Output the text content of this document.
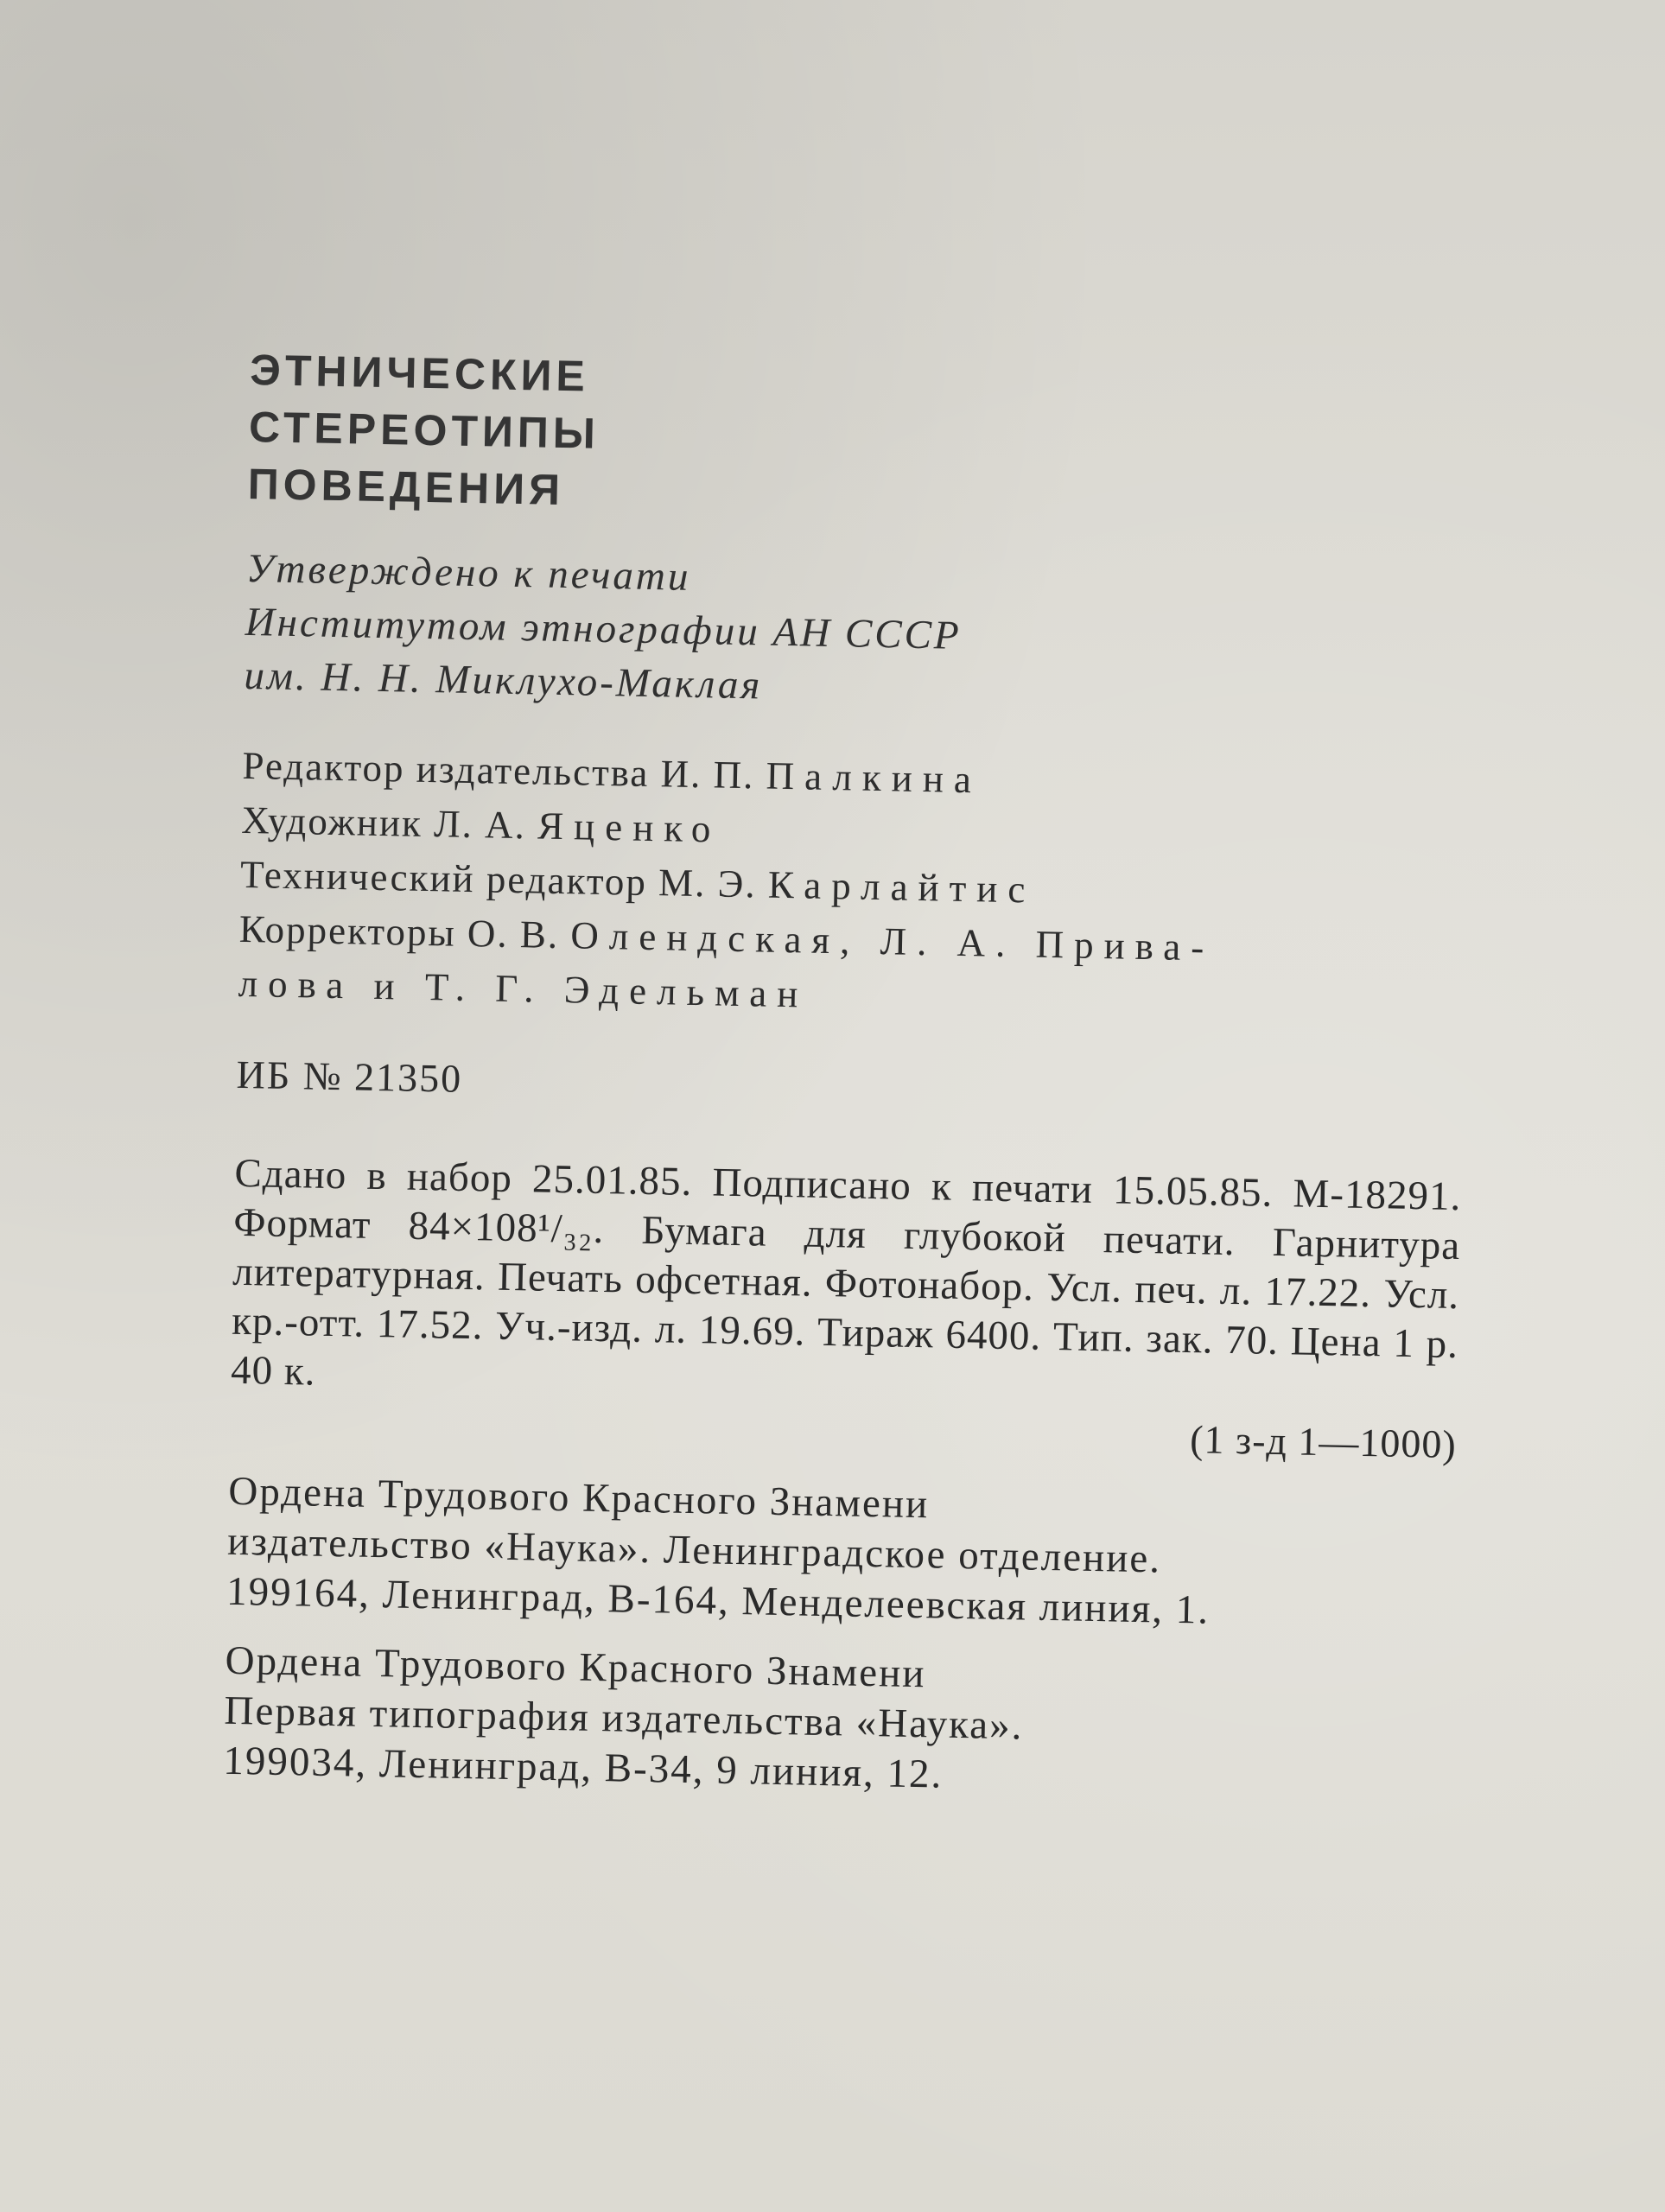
ЭТНИЧЕСКИЕ
СТЕРЕОТИПЫ
ПОВЕДЕНИЯ
Утверждено к печати
Институтом этнографии АН СССР
им. Н. Н. Миклухо-Маклая
Редактор издательства И. П. Палкина
Художник Л. А. Яценко
Технический редактор М. Э. Карлайтис
Корректоры О. В. Олендская, Л. А. Прива-
лова и Т. Г. Эдельман
ИБ № 21350
Сдано в набор 25.01.85. Подписано к печати 15.05.85. М-18291. Формат 84×108¹/₃₂. Бумага для глубокой печати. Гарнитура литературная. Печать офсетная. Фотонабор. Усл. печ. л. 17.22. Усл. кр.-отт. 17.52. Уч.-изд. л. 19.69. Тираж 6400. Тип. зак. 70. Цена 1 р. 40 к.
(1 з-д 1—1000)
Ордена Трудового Красного Знамени
издательство «Наука». Ленинградское отделение.
199164, Ленинград, В-164, Менделеевская линия, 1.
Ордена Трудового Красного Знамени
Первая типография издательства «Наука».
199034, Ленинград, В-34, 9 линия, 12.
